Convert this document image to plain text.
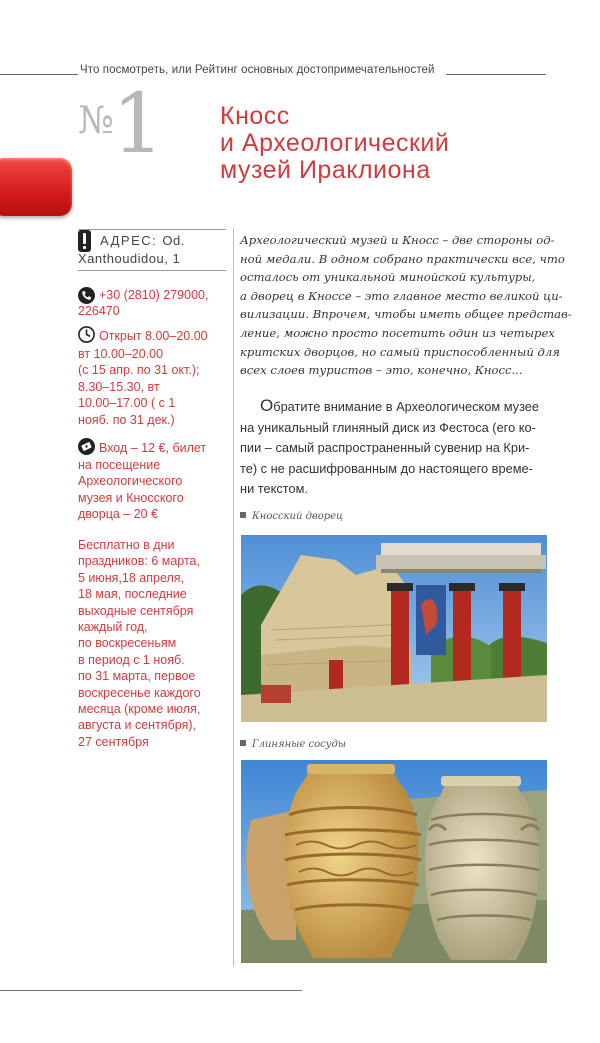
Что посмотреть, или Рейтинг основных достопримечательностей
№
1 Кносс
и Археологический
музей Ираклиона
АДРЕС: Od.
Xanthoudidou, 1
+30 (2810) 279000,
226470
Открыт 8.00–20.00
вт 10.00–20.00
(с 15 апр. по 31 окт.);
8.30–15.30, вт
10.00–17.00 ( с 1
нояб. по 31 дек.)
Вход – 12 €, билет
на посещение
Археологического
музея и Кносского
дворца – 20 €
Бесплатно в дни
праздников: 6 марта,
5 июня,18 апреля,
18 мая, последние
выходные сентября
каждый год,
по воскресеньям
в период с 1 нояб.
по 31 марта, первое
воскресенье каждого
месяца (кроме июля,
августа и сентября),
27 сентября
Археологический музей и Кносс – две стороны од-
ной медали. В одном собрано практически все, что
осталось от уникальной минойской культуры,
а дворец в Кноссе – это главное место великой ци-
вилизации. Впрочем, чтобы иметь общее представ-
ление, можно просто посетить один из четырех
критских дворцов, но самый приспособленный для
всех слоев туристов – это, конечно, Кносс...
Обратите внимание в Археологическом музее
на уникальный глиняный диск из Фестоса (его ко-
пии – самый распространенный сувенир на Кри-
те) с не расшифрованным до настоящего време-
ни текстом.
Кносский дворец
Глиняные сосуды
